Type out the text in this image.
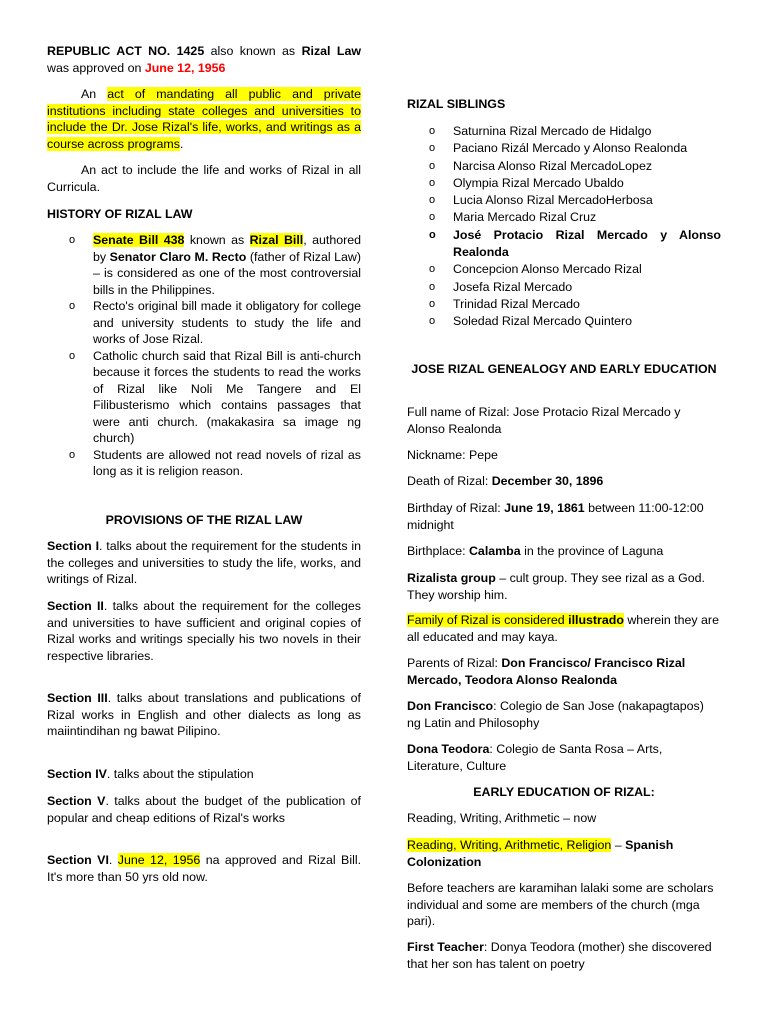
REPUBLIC ACT NO. 1425 also known as Rizal Law was approved on June 12, 1956

An act of mandating all public and private institutions including state colleges and universities to include the Dr. Jose Rizal's life, works, and writings as a course across programs.

An act to include the life and works of Rizal in all Curricula.

HISTORY OF RIZAL LAW

o Senate Bill 438 known as Rizal Bill, authored by Senator Claro M. Recto (father of Rizal Law) – is considered as one of the most controversial bills in the Philippines.
o Recto's original bill made it obligatory for college and university students to study the life and works of Jose Rizal.
o Catholic church said that Rizal Bill is anti-church because it forces the students to read the works of Rizal like Noli Me Tangere and El Filibusterismo which contains passages that were anti church. (makakasira sa image ng church)
o Students are allowed not read novels of rizal as long as it is religion reason.

PROVISIONS OF THE RIZAL LAW

Section I. talks about the requirement for the students in the colleges and universities to study the life, works, and writings of Rizal.

Section II. talks about the requirement for the colleges and universities to have sufficient and original copies of Rizal works and writings specially his two novels in their respective libraries.

Section III. talks about translations and publications of Rizal works in English and other dialects as long as maiintindihan ng bawat Pilipino.

Section IV. talks about the stipulation

Section V. talks about the budget of the publication of popular and cheap editions of Rizal's works

Section VI. June 12, 1956 na approved and Rizal Bill. It's more than 50 yrs old now.

RIZAL SIBLINGS

o Saturnina Rizal Mercado de Hidalgo
o Paciano Rizál Mercado y Alonso Realonda
o Narcisa Alonso Rizal MercadoLopez
o Olympia Rizal Mercado Ubaldo
o Lucia Alonso Rizal MercadoHerbosa
o Maria Mercado Rizal Cruz
o José Protacio Rizal Mercado y Alonso Realonda
o Concepcion Alonso Mercado Rizal
o Josefa Rizal Mercado
o Trinidad Rizal Mercado
o Soledad Rizal Mercado Quintero

JOSE RIZAL GENEALOGY AND EARLY EDUCATION

Full name of Rizal: Jose Protacio Rizal Mercado y Alonso Realonda

Nickname: Pepe

Death of Rizal: December 30, 1896

Birthday of Rizal: June 19, 1861 between 11:00-12:00 midnight

Birthplace: Calamba in the province of Laguna

Rizalista group – cult group. They see rizal as a God. They worship him.

Family of Rizal is considered illustrado wherein they are all educated and may kaya.

Parents of Rizal: Don Francisco/ Francisco Rizal Mercado, Teodora Alonso Realonda

Don Francisco: Colegio de San Jose (nakapagtapos) ng Latin and Philosophy

Dona Teodora: Colegio de Santa Rosa – Arts, Literature, Culture

EARLY EDUCATION OF RIZAL:

Reading, Writing, Arithmetic – now

Reading, Writing, Arithmetic, Religion – Spanish Colonization

Before teachers are karamihan lalaki some are scholars individual and some are members of the church (mga pari).

First Teacher: Donya Teodora (mother) she discovered that her son has talent on poetry
